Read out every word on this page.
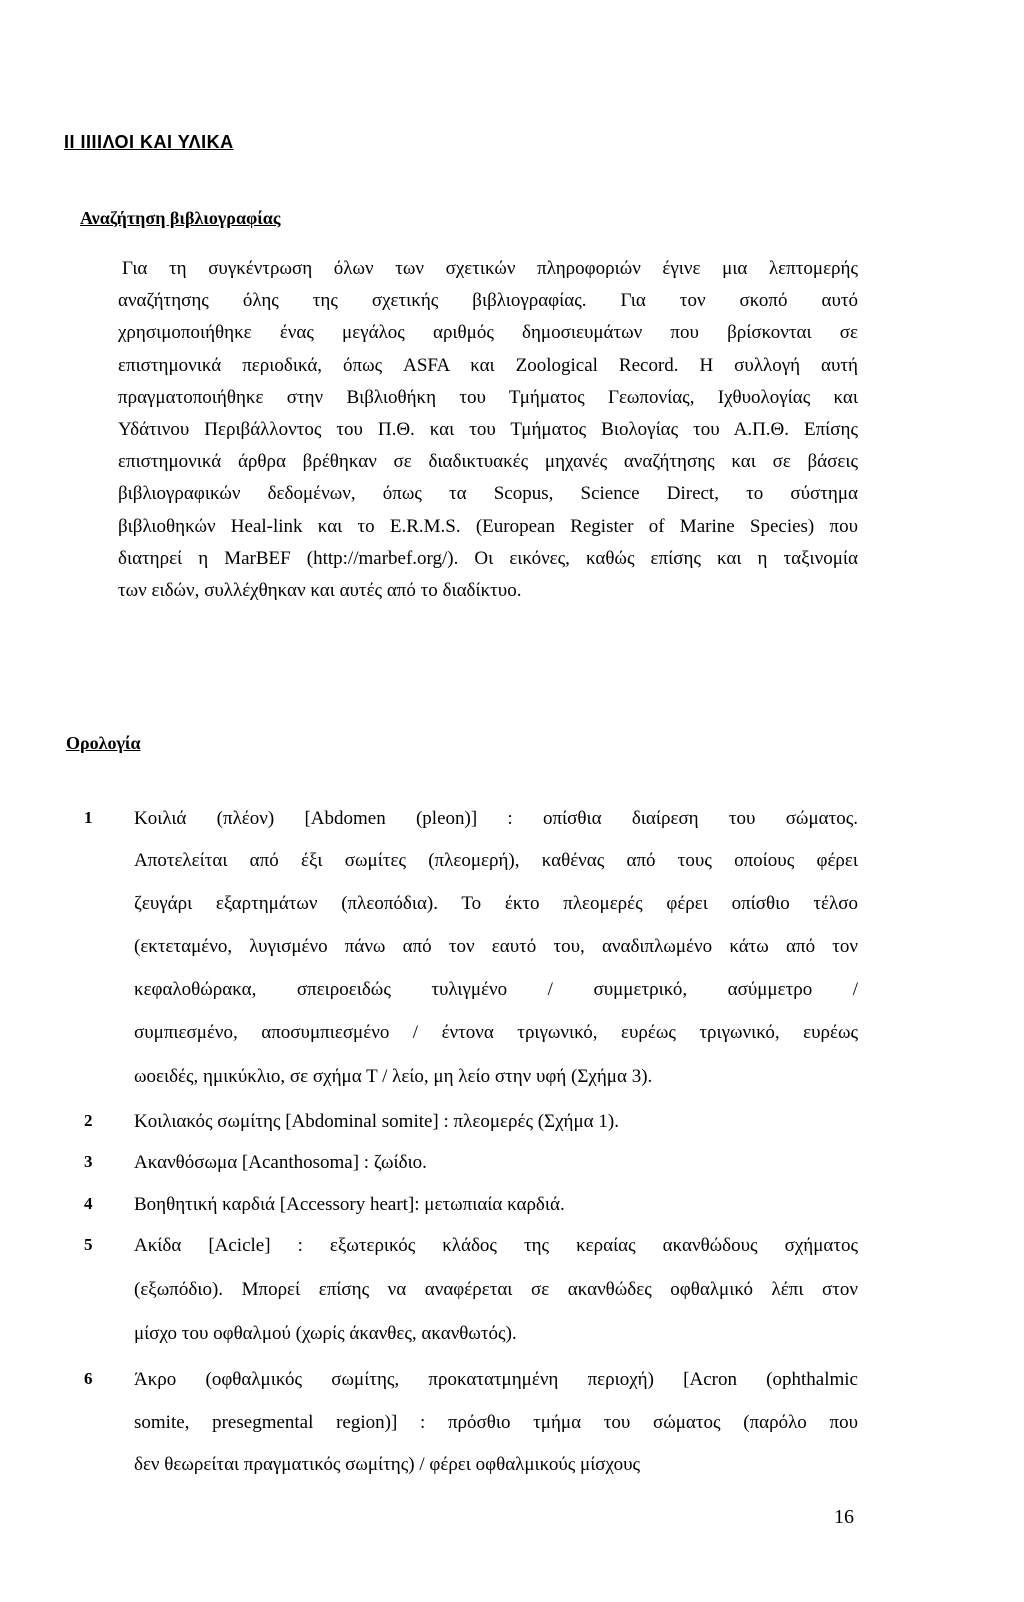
ΙΙ ΙΙΙΙΛΟΙ ΚΑΙ ΥΛΙΚΑ
Αναζήτηση βιβλιογραφίας
Για τη συγκέντρωση όλων των σχετικών πληροφοριών έγινε μια λεπτομερής
αναζήτησης όλης της σχετικής βιβλιογραφίας. Για τον σκοπό αυτό
χρησιμοποιήθηκε ένας μεγάλος αριθμός δημοσιευμάτων που βρίσκονται σε
επιστημονικά περιοδικά, όπως ASFA και Zoological Record. Η συλλογή αυτή
πραγματοποιήθηκε στην Βιβλιοθήκη του Τμήματος Γεωπονίας, Ιχθυολογίας και
Υδάτινου Περιβάλλοντος του Π.Θ. και του Τμήματος Βιολογίας του Α.Π.Θ. Επίσης
επιστημονικά άρθρα βρέθηκαν σε διαδικτυακές μηχανές αναζήτησης και σε βάσεις
βιβλιογραφικών δεδομένων, όπως τα Scopus, Science Direct, το σύστημα
βιβλιοθηκών Heal-link και το E.R.M.S. (European Register of Marine Species) που
διατηρεί η MarBEF (http://marbef.org/). Οι εικόνες, καθώς επίσης και η ταξινομία
των ειδών, συλλέχθηκαν και αυτές από το διαδίκτυο.
Ορολογία
1	Κοιλιά (πλέον) [Abdomen (pleon)] : οπίσθια διαίρεση του σώματος.
Αποτελείται από έξι σωμίτες (πλεομερή), καθένας από τους οποίους φέρει
ζευγάρι εξαρτημάτων (πλεοπόδια). Το έκτο πλεομερές φέρει οπίσθιο τέλσο
(εκτεταμένο, λυγισμένο πάνω από τον εαυτό του, αναδιπλωμένο κάτω από τον
κεφαλοθώρακα, σπειροειδώς τυλιγμένο / συμμετρικό, ασύμμετρο /
συμπιεσμένο, αποσυμπιεσμένο / έντονα τριγωνικό, ευρέως τριγωνικό, ευρέως
ωοειδές, ημικύκλιο, σε σχήμα Τ / λείο, μη λείο στην υφή (Σχήμα 3).
2	Κοιλιακός σωμίτης [Abdominal somite] : πλεομερές (Σχήμα 1).
3	Ακανθόσωμα [Acanthosoma] : ζωίδιο.
4	Βοηθητική καρδιά [Accessory heart]: μετωπιαία καρδιά.
5	Ακίδα [Acicle] : εξωτερικός κλάδος της κεραίας ακανθώδους σχήματος
(εξωπόδιο). Μπορεί επίσης να αναφέρεται σε ακανθώδες οφθαλμικό λέπι στον
μίσχο του οφθαλμού (χωρίς άκανθες, ακανθωτός).
6	Άκρο (οφθαλμικός σωμίτης, προκατατμημένη περιοχή) [Acron (ophthalmic
somite, presegmental region)] : πρόσθιο τμήμα του σώματος (παρόλο που
δεν θεωρείται πραγματικός σωμίτης) / φέρει οφθαλμικούς μίσχους
16
